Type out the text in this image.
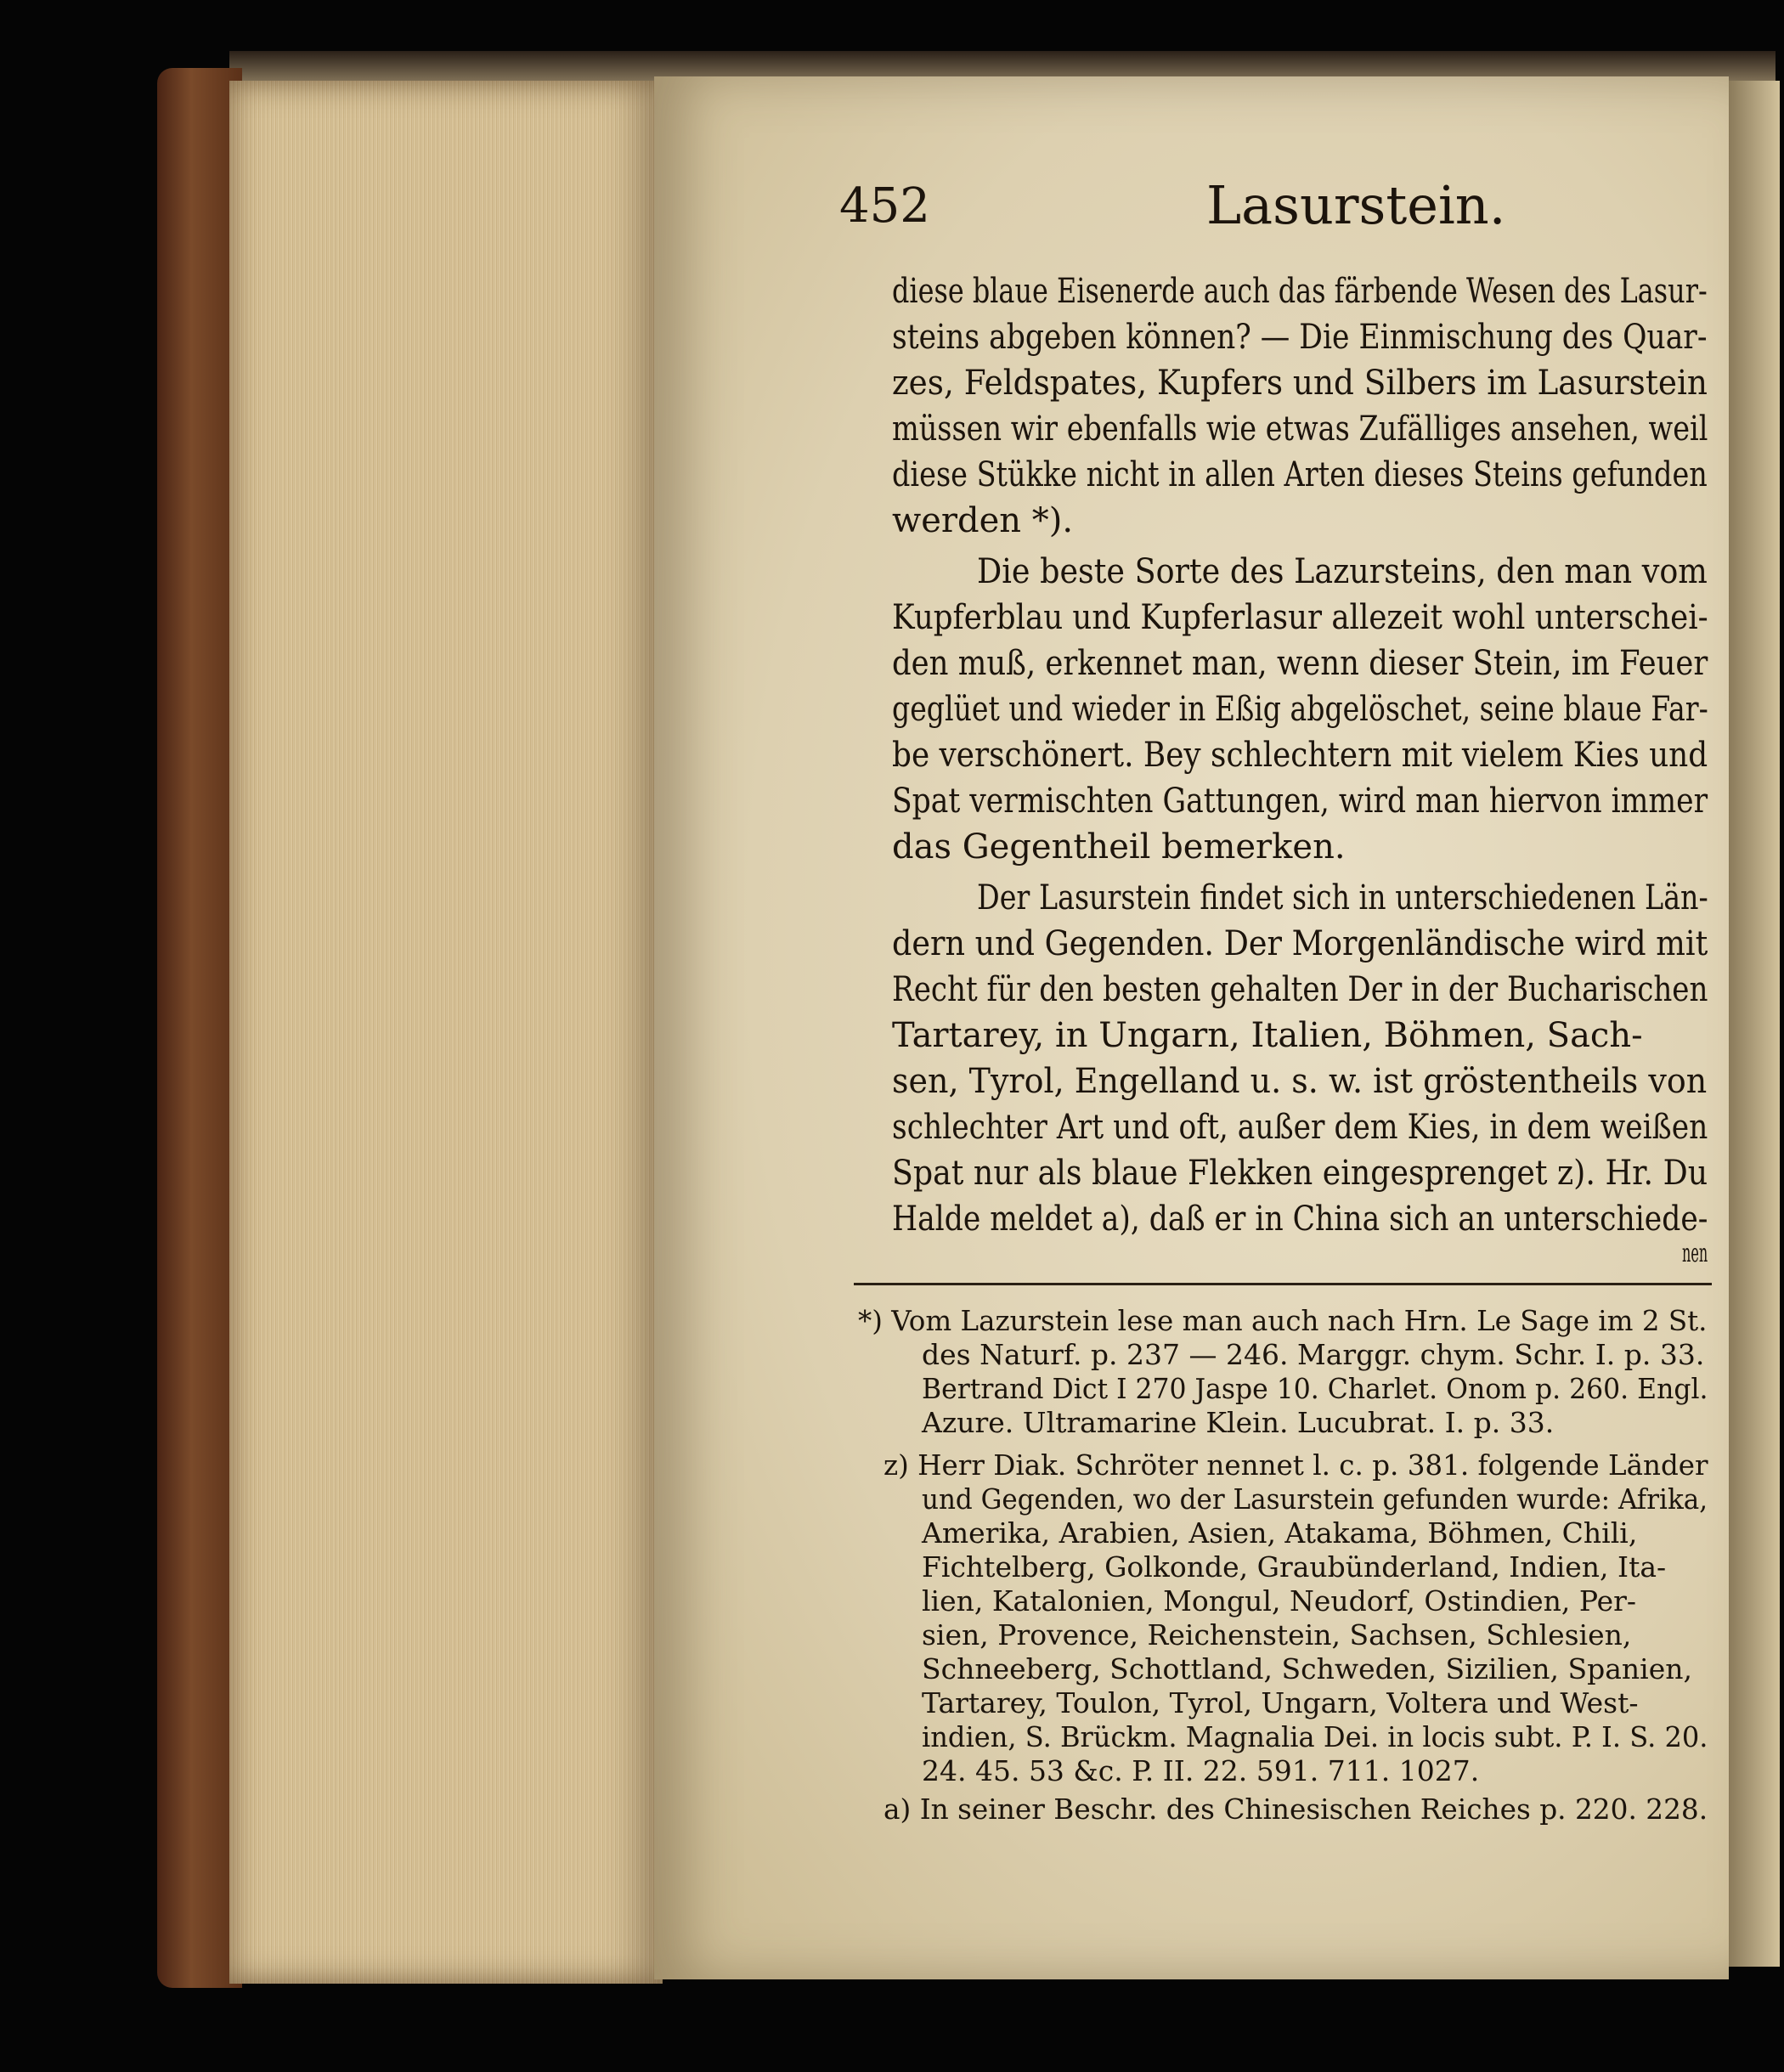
452	Lasurstein.
diese blaue Eisenerde auch das färbende Wesen des Lasur-
steins abgeben können? — Die Einmischung des Quar-
zes, Feldspates, Kupfers und Silbers im Lasurstein
müssen wir ebenfalls wie etwas Zufälliges ansehen, weil
diese Stükke nicht in allen Arten dieses Steins gefunden
werden *).
Die beste Sorte des Lazursteins, den man vom
Kupferblau und Kupferlasur allezeit wohl unterschei-
den muß, erkennet man, wenn dieser Stein, im Feuer
geglüet und wieder in Eßig abgelöschet, seine blaue Far-
be verschönert. Bey schlechtern mit vielem Kies und
Spat vermischten Gattungen, wird man hiervon immer
das Gegentheil bemerken.
Der Lasurstein findet sich in unterschiedenen Län-
dern und Gegenden. Der Morgenländische wird mit
Recht für den besten gehalten Der in der Bucharischen
Tartarey, in Ungarn, Italien, Böhmen, Sach-
sen, Tyrol, Engelland u. s. w. ist gröstentheils von
schlechter Art und oft, außer dem Kies, in dem weißen
Spat nur als blaue Flekken eingesprenget z). Hr. Du
Halde meldet a), daß er in China sich an unterschiede-
nen
*) Vom Lazurstein lese man auch nach Hrn. Le Sage im 2 St.
des Naturf. p. 237 — 246. Marggr. chym. Schr. I. p. 33.
Bertrand Dict I 270 Jaspe 10. Charlet. Onom p. 260. Engl.
Azure. Ultramarine Klein. Lucubrat. I. p. 33.
z) Herr Diak. Schröter nennet l. c. p. 381. folgende Länder
und Gegenden, wo der Lasurstein gefunden wurde: Afrika,
Amerika, Arabien, Asien, Atakama, Böhmen, Chili,
Fichtelberg, Golkonde, Graubünderland, Indien, Ita-
lien, Katalonien, Mongul, Neudorf, Ostindien, Per-
sien, Provence, Reichenstein, Sachsen, Schlesien,
Schneeberg, Schottland, Schweden, Sizilien, Spanien,
Tartarey, Toulon, Tyrol, Ungarn, Voltera und West-
indien, S. Brückm. Magnalia Dei. in locis subt. P. I. S. 20.
24. 45. 53 &c. P. II. 22. 591. 711. 1027.
a) In seiner Beschr. des Chinesischen Reiches p. 220. 228.
